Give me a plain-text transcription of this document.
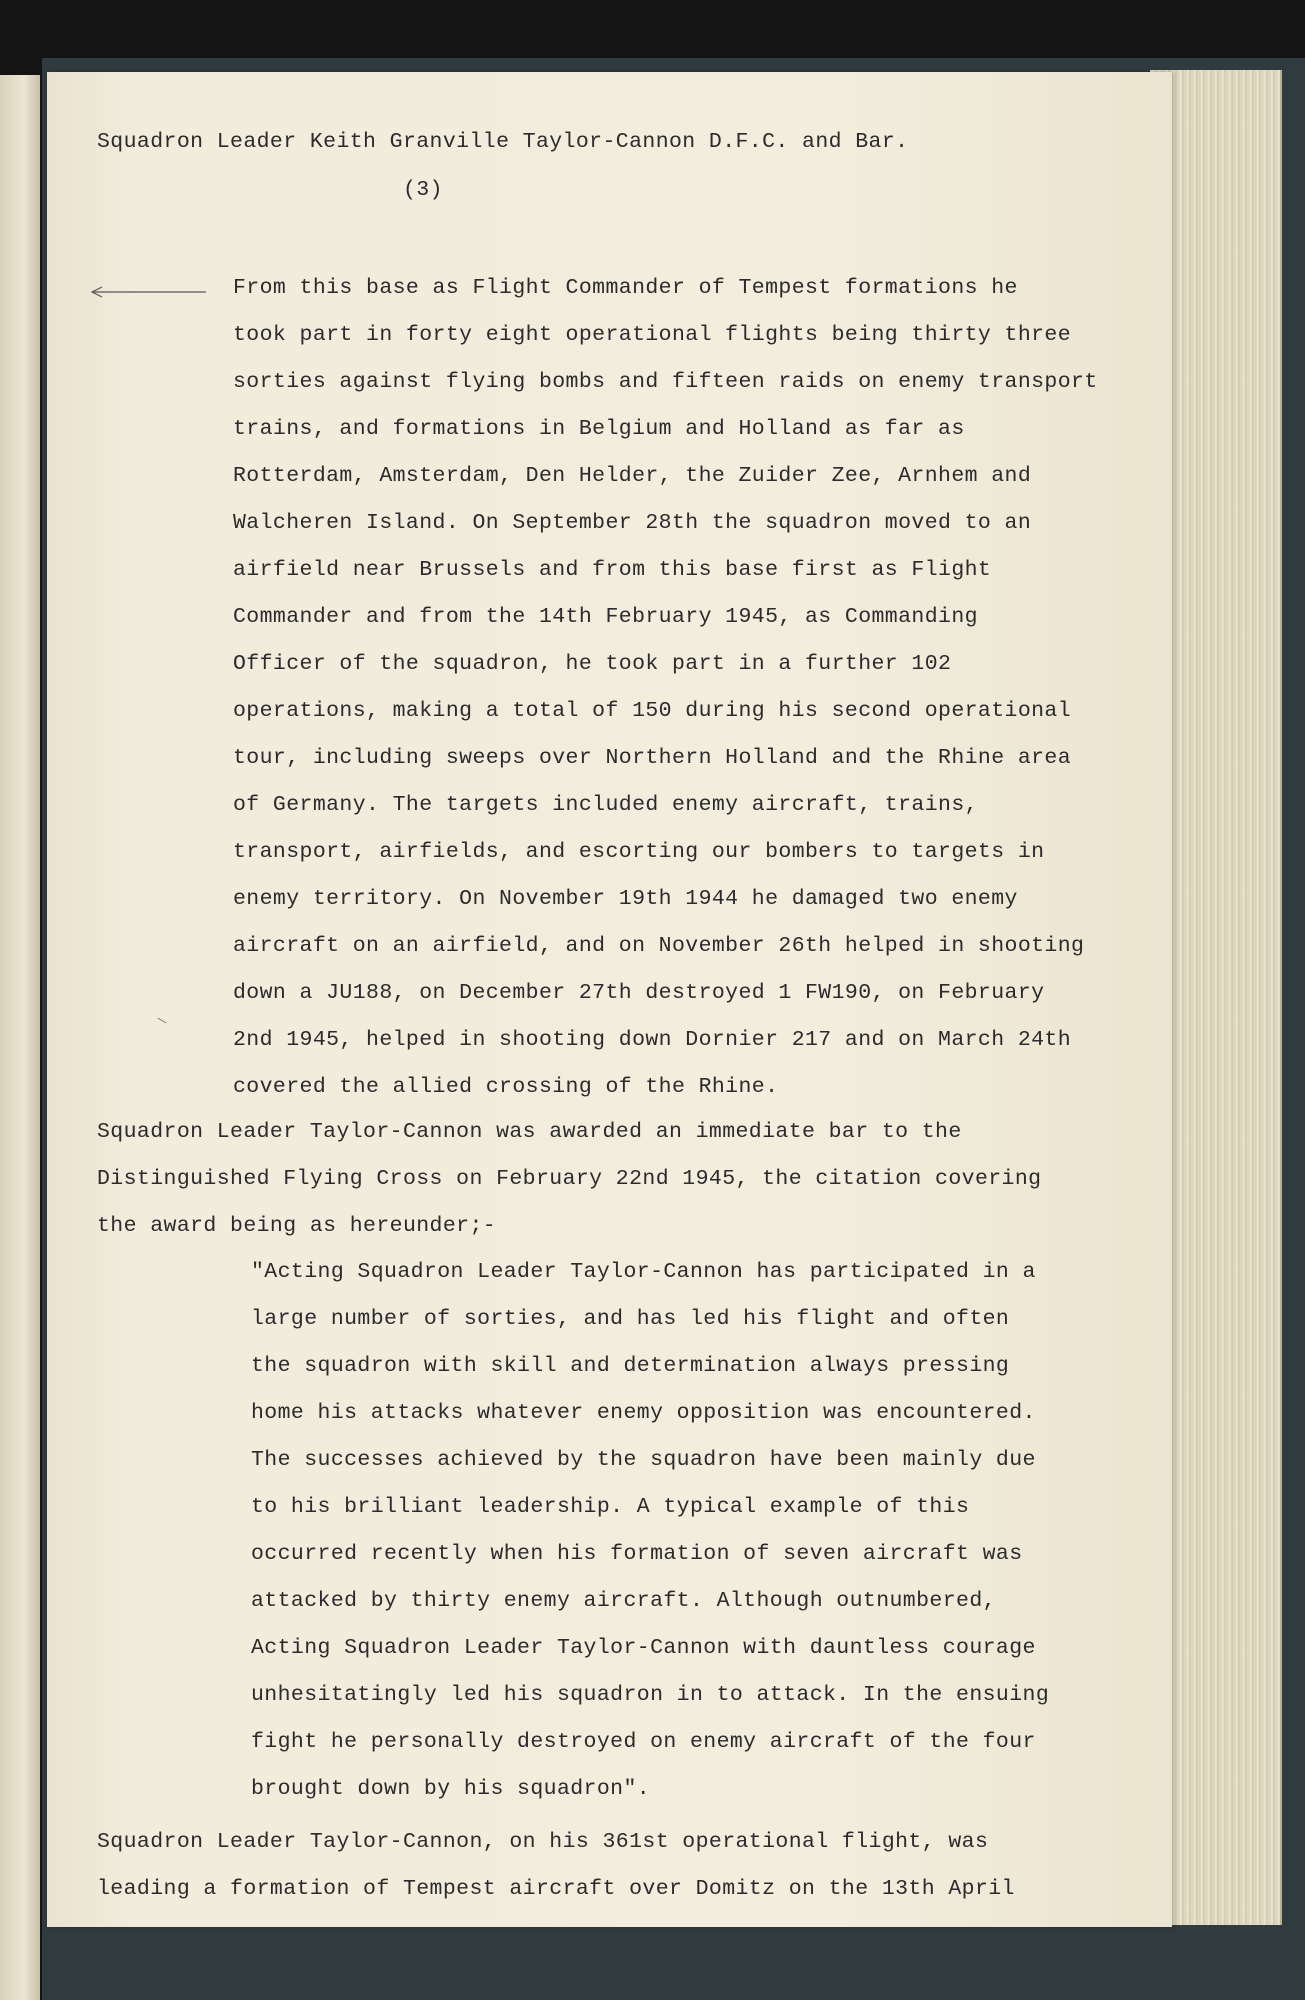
Squadron Leader Keith Granville Taylor-Cannon D.F.C. and Bar.
(3)
From this base as Flight Commander of Tempest formations he
took part in forty eight operational flights being thirty three
sorties against flying bombs and fifteen raids on enemy transport
trains, and formations in Belgium and Holland as far as
Rotterdam, Amsterdam, Den Helder, the Zuider Zee, Arnhem and
Walcheren Island. On September 28th the squadron moved to an
airfield near Brussels and from this base first as Flight
Commander and from the 14th February 1945, as Commanding
Officer of the squadron, he took part in a further 102
operations, making a total of 150 during his second operational
tour, including sweeps over Northern Holland and the Rhine area
of Germany. The targets included enemy aircraft, trains,
transport, airfields, and escorting our bombers to targets in
enemy territory. On November 19th 1944 he damaged two enemy
aircraft on an airfield, and on November 26th helped in shooting
down a JU188, on December 27th destroyed 1 FW190, on February
2nd 1945, helped in shooting down Dornier 217 and on March 24th
covered the allied crossing of the Rhine.
Squadron Leader Taylor-Cannon was awarded an immediate bar to the
Distinguished Flying Cross on February 22nd 1945, the citation covering
the award being as hereunder;-
"Acting Squadron Leader Taylor-Cannon has participated in a
large number of sorties, and has led his flight and often
the squadron with skill and determination always pressing
home his attacks whatever enemy opposition was encountered.
The successes achieved by the squadron have been mainly due
to his brilliant leadership. A typical example of this
occurred recently when his formation of seven aircraft was
attacked by thirty enemy aircraft. Although outnumbered,
Acting Squadron Leader Taylor-Cannon with dauntless courage
unhesitatingly led his squadron in to attack. In the ensuing
fight he personally destroyed on enemy aircraft of the four
brought down by his squadron".
Squadron Leader Taylor-Cannon, on his 361st operational flight, was
leading a formation of Tempest aircraft over Domitz on the 13th April
